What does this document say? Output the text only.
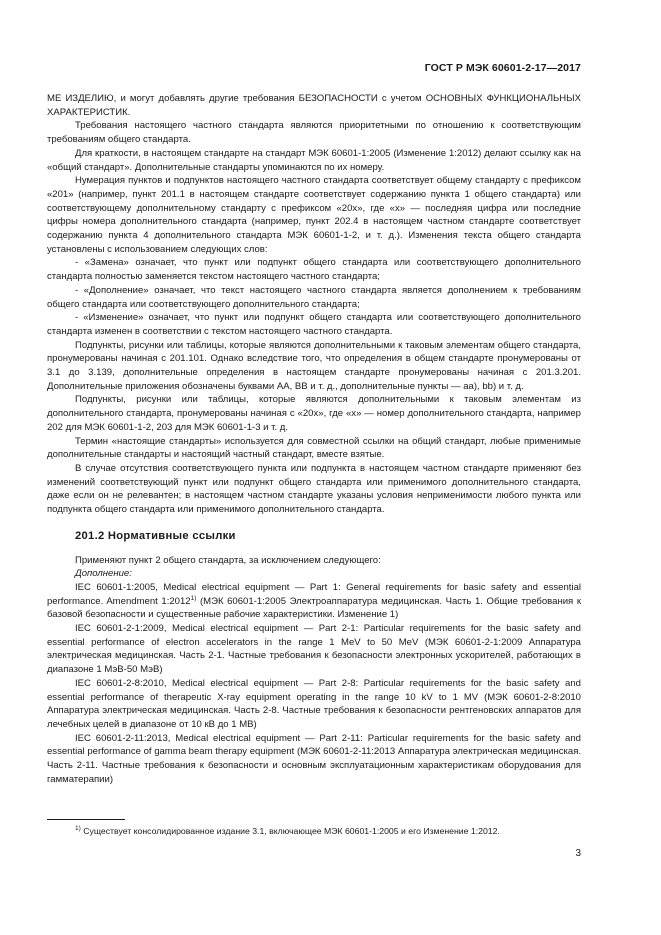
ГОСТ Р МЭК 60601-2-17—2017

МЕ ИЗДЕЛИЮ, и могут добавлять другие требования БЕЗОПАСНОСТИ с учетом ОСНОВНЫХ ФУНКЦИОНАЛЬНЫХ ХАРАКТЕРИСТИК.

Требования настоящего частного стандарта являются приоритетными по отношению к соответствующим требованиям общего стандарта.

Для краткости, в настоящем стандарте на стандарт МЭК 60601-1:2005 (Изменение 1:2012) делают ссылку как на «общий стандарт». Дополнительные стандарты упоминаются по их номеру.

Нумерация пунктов и подпунктов настоящего частного стандарта соответствует общему стандарту с префиксом «201» (например, пункт 201.1 в настоящем стандарте соответствует содержанию пункта 1 общего стандарта) или соответствующему дополнительному стандарту с префиксом «20x», где «x» — последняя цифра или последние цифры номера дополнительного стандарта (например, пункт 202.4 в настоящем частном стандарте соответствует содержанию пункта 4 дополнительного стандарта МЭК 60601-1-2, и т. д.). Изменения текста общего стандарта установлены с использованием следующих слов:

- «Замена» означает, что пункт или подпункт общего стандарта или соответствующего дополнительного стандарта полностью заменяется текстом настоящего частного стандарта;

- «Дополнение» означает, что текст настоящего частного стандарта является дополнением к требованиям общего стандарта или соответствующего дополнительного стандарта;

- «Изменение» означает, что пункт или подпункт общего стандарта или соответствующего дополнительного стандарта изменен в соответствии с текстом настоящего частного стандарта.

Подпункты, рисунки или таблицы, которые являются дополнительными к таковым элементам общего стандарта, пронумерованы начиная с 201.101. Однако вследствие того, что определения в общем стандарте пронумерованы от 3.1 до 3.139, дополнительные определения в настоящем стандарте пронумерованы начиная с 201.3.201. Дополнительные приложения обозначены буквами АА, ВВ и т. д., дополнительные пункты — aa), bb) и т. д.

Подпункты, рисунки или таблицы, которые являются дополнительными к таковым элементам из дополнительного стандарта, пронумерованы начиная с «20x», где «x» — номер дополнительного стандарта, например 202 для МЭК 60601-1-2, 203 для МЭК 60601-1-3 и т. д.

Термин «настоящие стандарты» используется для совместной ссылки на общий стандарт, любые применимые дополнительные стандарты и настоящий частный стандарт, вместе взятые.

В случае отсутствия соответствующего пункта или подпункта в настоящем частном стандарте применяют без изменений соответствующий пункт или подпункт общего стандарта или применимого дополнительного стандарта, даже если он не релевантен; в настоящем частном стандарте указаны условия неприменимости любого пункта или подпункта общего стандарта или применимого дополнительного стандарта.

201.2 Нормативные ссылки

Применяют пункт 2 общего стандарта, за исключением следующего:

Дополнение:

IEC 60601-1:2005, Medical electrical equipment — Part 1: General requirements for basic safety and essential performance. Amendment 1:2012$^{1)}$ (МЭК 60601-1:2005 Электроаппаратура медицинская. Часть 1. Общие требования к базовой безопасности и существенные рабочие характеристики. Изменение 1)

IEC 60601-2-1:2009, Medical electrical equipment — Part 2-1: Particular requirements for the basic safety and essential performance of electron accelerators in the range 1 MeV to 50 MeV (МЭК 60601-2-1:2009 Аппаратура электрическая медицинская. Часть 2-1. Частные требования к безопасности электронных ускорителей, работающих в диапазоне 1 МэВ-50 МэВ)

IEC 60601-2-8:2010, Medical electrical equipment — Part 2-8: Particular requirements for the basic safety and essential performance of therapeutic X-ray equipment operating in the range 10 kV to 1 MV (МЭК 60601-2-8:2010 Аппаратура электрическая медицинская. Часть 2-8. Частные требования к безопасности рентгеновских аппаратов для лечебных целей в диапазоне от 10 кВ до 1 MB)

IEC 60601-2-11:2013, Medical electrical equipment — Part 2-11: Particular requirements for the basic safety and essential performance of gamma beam therapy equipment (МЭК 60601-2-11:2013 Аппаратура электрическая медицинская. Часть 2-11. Частные требования к безопасности и основным эксплуатационным характеристикам оборудования для гамматерапии)

$^{1)}$ Существует консолидированное издание 3.1, включающее МЭК 60601-1:2005 и его Изменение 1:2012.
3
